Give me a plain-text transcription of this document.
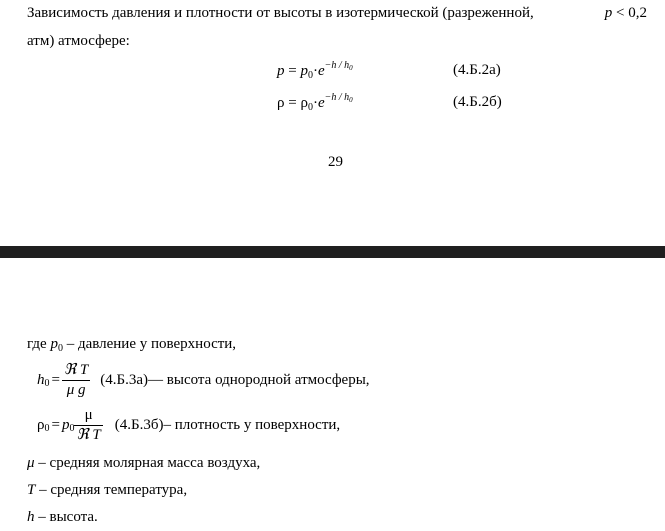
Зависимость давления и плотности от высоты в изотермической (разреженной,	p < 0,2
атм) атмосфере:
$p = p_0\cdot e^{-h / h_0}$	(4.Б.2а)
$\rho = \rho_0\cdot e^{-h / h_0}$	(4.Б.2б)
29
где $p_0$ – давление у поверхности,
h $0 = \frac{\text{ℜ T}}{\text{μ g}} (4.Б.3а)$ — высота однородной атмосферы,
ρ 0 = p $0 \frac{\mu}{\text{ℜ T}} (4.Б.3б)$ – плотность у поверхности,
μ – средняя молярная масса воздуха,
T – средняя температура,
h – высота.
